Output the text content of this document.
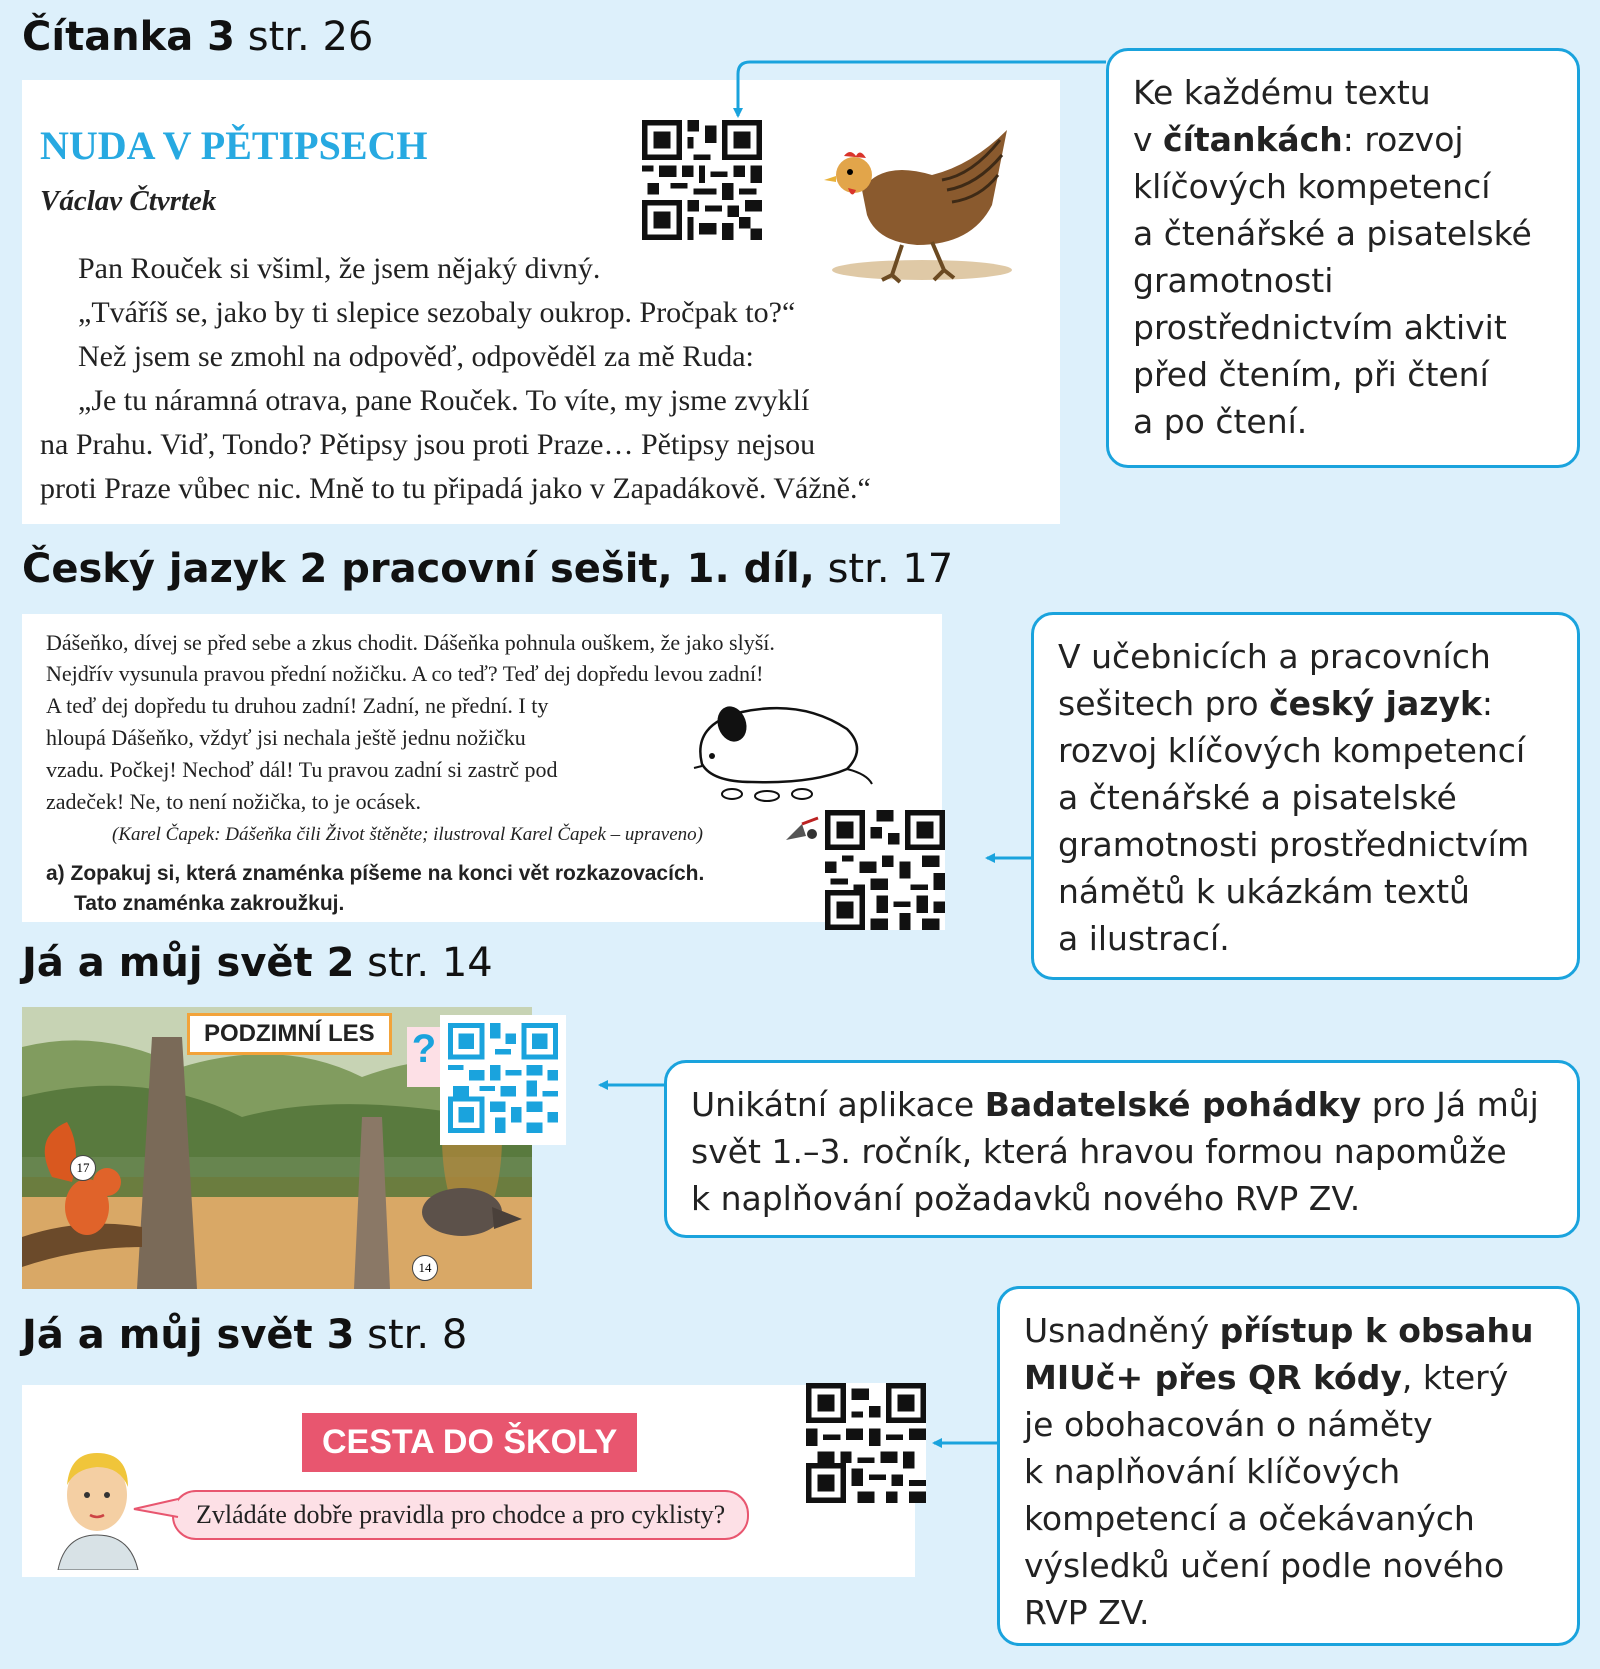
Čítanka 3 str. 26
NUDA V PĚTIPSECH
Václav Čtvrtek
Pan Rouček si všiml, že jsem nějaký divný.
„Tváříš se, jako by ti slepice sezobaly oukrop. Pročpak to?“
Než jsem se zmohl na odpověď, odpověděl za mě Ruda:
„Je tu náramná otrava, pane Rouček. To víte, my jsme zvyklí
na Prahu. Viď, Tondo? Pětipsy jsou proti Praze… Pětipsy nejsou
proti Praze vůbec nic. Mně to tu připadá jako v Zapadákově. Vážně.“
Ke každému textu
v čítankách: rozvoj
klíčových kompetencí
a čtenářské a pisatelské
gramotnosti
prostřednictvím aktivit
před čtením, při čtení
a po čtení.
Český jazyk 2 pracovní sešit, 1. díl, str. 17
Dášeňko, dívej se před sebe a zkus chodit. Dášeňka pohnula ouškem, že jako slyší.
Nejdřív vysunula pravou přední nožičku. A co teď? Teď dej dopředu levou zadní!
A teď dej dopředu tu druhou zadní! Zadní, ne přední. I ty
hloupá Dášeňko, vždyť jsi nechala ještě jednu nožičku
vzadu. Počkej! Nechoď dál! Tu pravou zadní si zastrč pod
zadeček! Ne, to není nožička, to je ocásek.
(Karel Čapek: Dášeňka čili Život štěněte; ilustroval Karel Čapek – upraveno)
a) Zopakuj si, která znaménka píšeme na konci vět rozkazovacích.
Tato znaménka zakroužkuj.
V učebnicích a pracovních
sešitech pro český jazyk:
rozvoj klíčových kompetencí
a čtenářské a pisatelské
gramotnosti prostřednictvím
námětů k ukázkám textů
a ilustrací.
Já a můj svět 2 str. 14
PODZIMNÍ LES
17
14
?
Unikátní aplikace Badatelské pohádky pro Já můj
svět 1.–3. ročník, která hravou formou napomůže
k naplňování požadavků nového RVP ZV.
Já a můj svět 3 str. 8
CESTA DO ŠKOLY
Zvládáte dobře pravidla pro chodce a pro cyklisty?
Usnadněný přístup k obsahu
MIUč+ přes QR kódy, který
je obohacován o náměty
k naplňování klíčových
kompetencí a očekávaných
výsledků učení podle nového
RVP ZV.
